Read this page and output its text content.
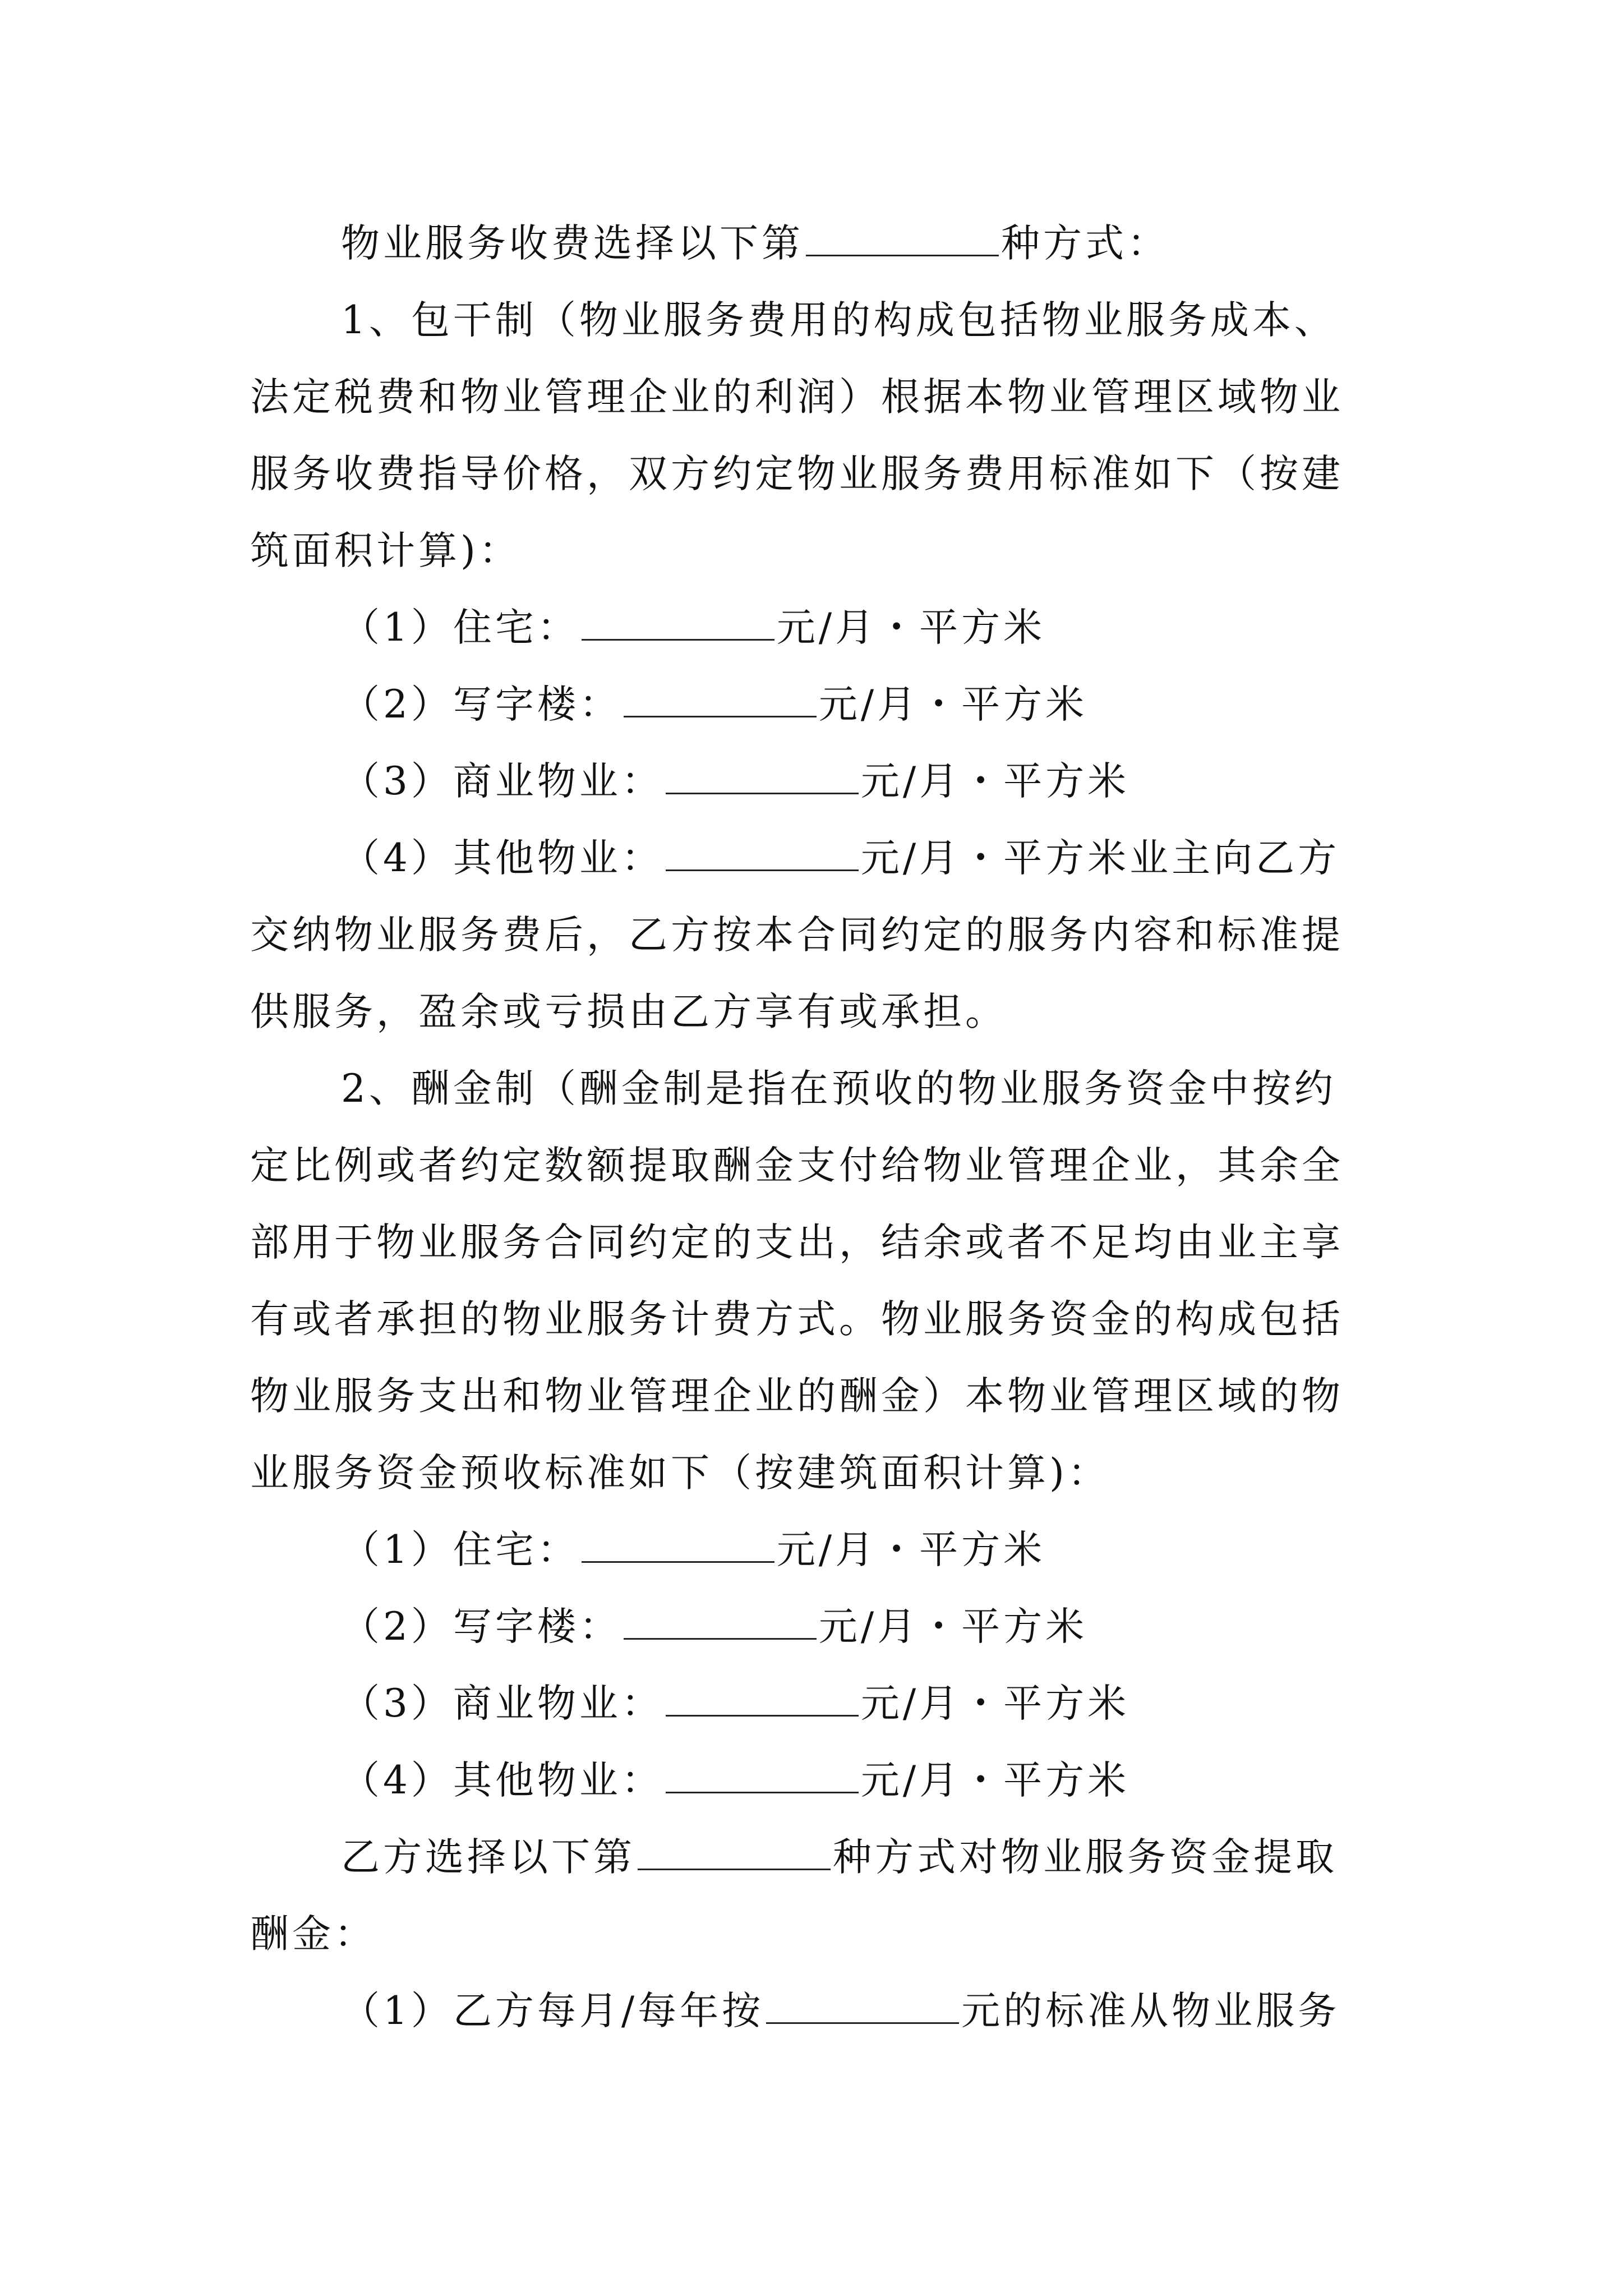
物业服务收费选择以下第	种方式：

1、包干制（物业服务费用的构成包括物业服务成本、

法定税费和物业管理企业的利润）根据本物业管理区域物业

服务收费指导价格，双方约定物业服务费用标准如下（按建

筑面积计算)：

（1）住宅：	元/月・平方米

（2）写字楼：	元/月・平方米

（3）商业物业：	元/月・平方米

（4）其他物业：	元/月・平方米业主向乙方

交纳物业服务费后，乙方按本合同约定的服务内容和标准提

供服务，盈余或亏损由乙方享有或承担。

2、酬金制（酬金制是指在预收的物业服务资金中按约

定比例或者约定数额提取酬金支付给物业管理企业，其余全

部用于物业服务合同约定的支出，结余或者不足均由业主享

有或者承担的物业服务计费方式。物业服务资金的构成包括

物业服务支出和物业管理企业的酬金）本物业管理区域的物

业服务资金预收标准如下（按建筑面积计算)：

（1）住宅：	元/月・平方米

（2）写字楼：	元/月・平方米

（3）商业物业：	元/月・平方米

（4）其他物业：	元/月・平方米

乙方选择以下第	种方式对物业服务资金提取

酬金：

（1）乙方每月/每年按	元的标准从物业服务
